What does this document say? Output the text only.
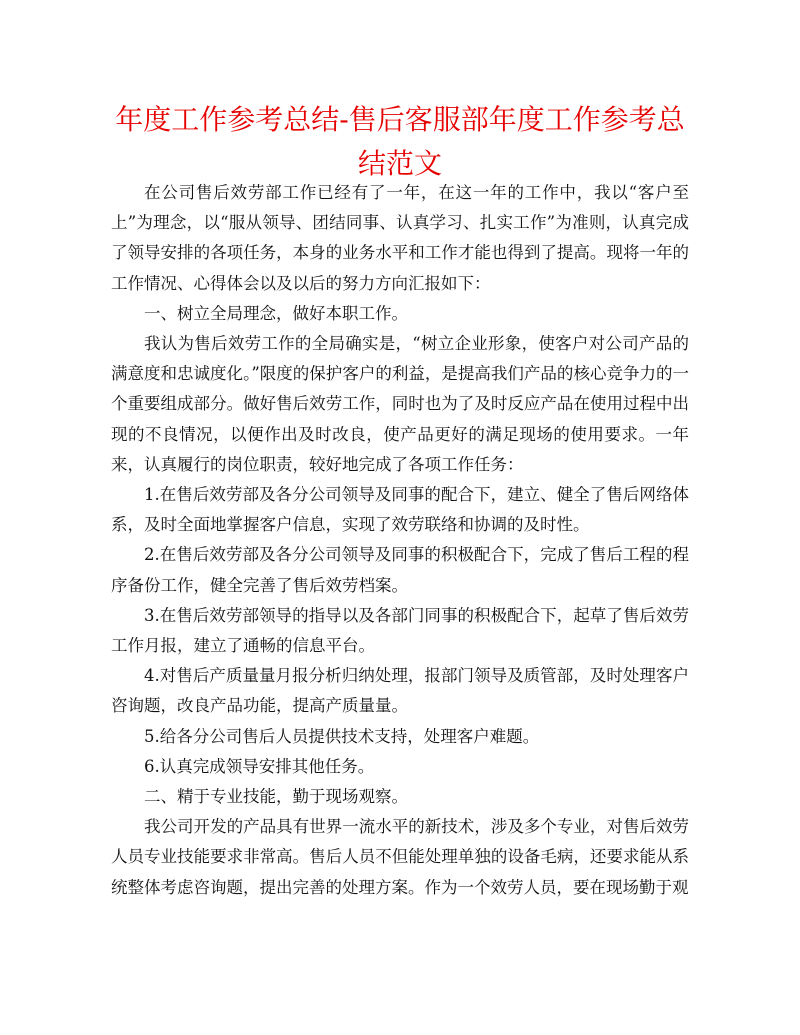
年度工作参考总结-售后客服部年度工作参考总结范文

在公司售后效劳部工作已经有了一年，在这一年的工作中，我以“客户至上”为理念，以“服从领导、团结同事、认真学习、扎实工作”为准则，认真完成了领导安排的各项任务，本身的业务水平和工作才能也得到了提高。现将一年的工作情况、心得体会以及以后的努力方向汇报如下：

一、树立全局理念，做好本职工作。

我认为售后效劳工作的全局确实是，“树立企业形象，使客户对公司产品的满意度和忠诚度化。”限度的保护客户的利益，是提高我们产品的核心竞争力的一个重要组成部分。做好售后效劳工作，同时也为了及时反应产品在使用过程中出现的不良情况，以便作出及时改良，使产品更好的满足现场的使用要求。一年来，认真履行的岗位职责，较好地完成了各项工作任务：

1.在售后效劳部及各分公司领导及同事的配合下，建立、健全了售后网络体系，及时全面地掌握客户信息，实现了效劳联络和协调的及时性。

2.在售后效劳部及各分公司领导及同事的积极配合下，完成了售后工程的程序备份工作，健全完善了售后效劳档案。

3.在售后效劳部领导的指导以及各部门同事的积极配合下，起草了售后效劳工作月报，建立了通畅的信息平台。

4.对售后产质量量月报分析归纳处理，报部门领导及质管部，及时处理客户咨询题，改良产品功能，提高产质量量。

5.给各分公司售后人员提供技术支持，处理客户难题。

6.认真完成领导安排其他任务。

二、精于专业技能，勤于现场观察。

我公司开发的产品具有世界一流水平的新技术，涉及多个专业，对售后效劳人员专业技能要求非常高。售后人员不但能处理单独的设备毛病，还要求能从系统整体考虑咨询题，提出完善的处理方案。作为一个效劳人员，要在现场勤于观
